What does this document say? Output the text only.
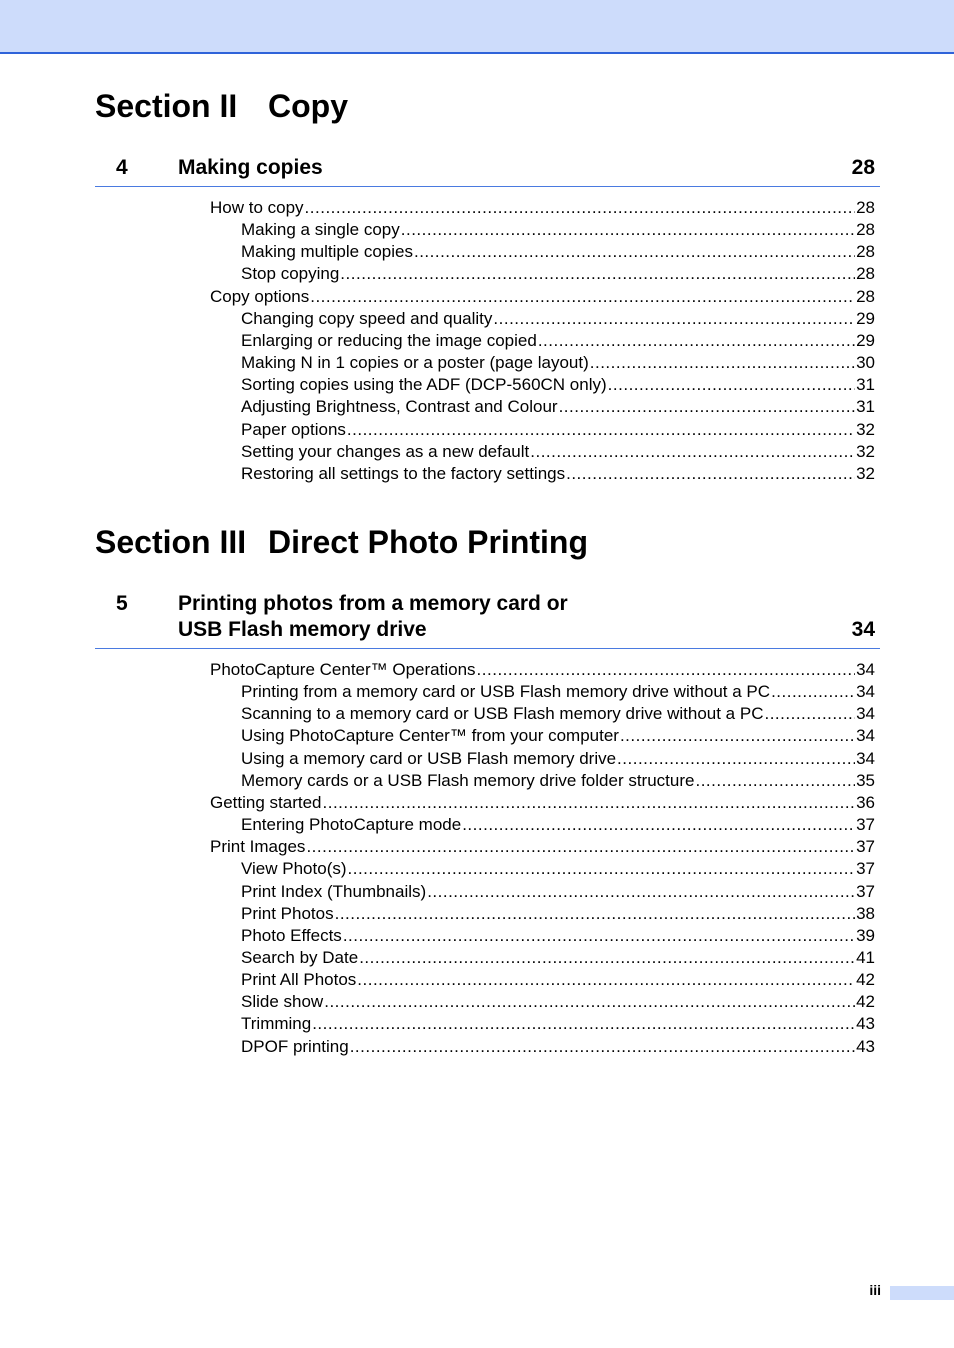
Section II Copy
4 Making copies	28
How to copy .....	28
Making a single copy .....	28
Making multiple copies .....	28
Stop copying .....	28
Copy options .....	28
Changing copy speed and quality .....	29
Enlarging or reducing the image copied .....	29
Making N in 1 copies or a poster (page layout) .....	30
Sorting copies using the ADF (DCP-560CN only) .....	31
Adjusting Brightness, Contrast and Colour .....	31
Paper options .....	32
Setting your changes as a new default .....	32
Restoring all settings to the factory settings .....	32
Section III Direct Photo Printing
5 Printing photos from a memory card or
USB Flash memory drive	34
PhotoCapture Center™ Operations .....	34
Printing from a memory card or USB Flash memory drive without a PC .....	34
Scanning to a memory card or USB Flash memory drive without a PC .....	34
Using PhotoCapture Center™ from your computer .....	34
Using a memory card or USB Flash memory drive .....	34
Memory cards or a USB Flash memory drive folder structure .....	35
Getting started .....	36
Entering PhotoCapture mode .....	37
Print Images .....	37
View Photo(s) .....	37
Print Index (Thumbnails) .....	37
Print Photos .....	38
Photo Effects .....	39
Search by Date .....	41
Print All Photos .....	42
Slide show .....	42
Trimming .....	43
DPOF printing .....	43
iii
